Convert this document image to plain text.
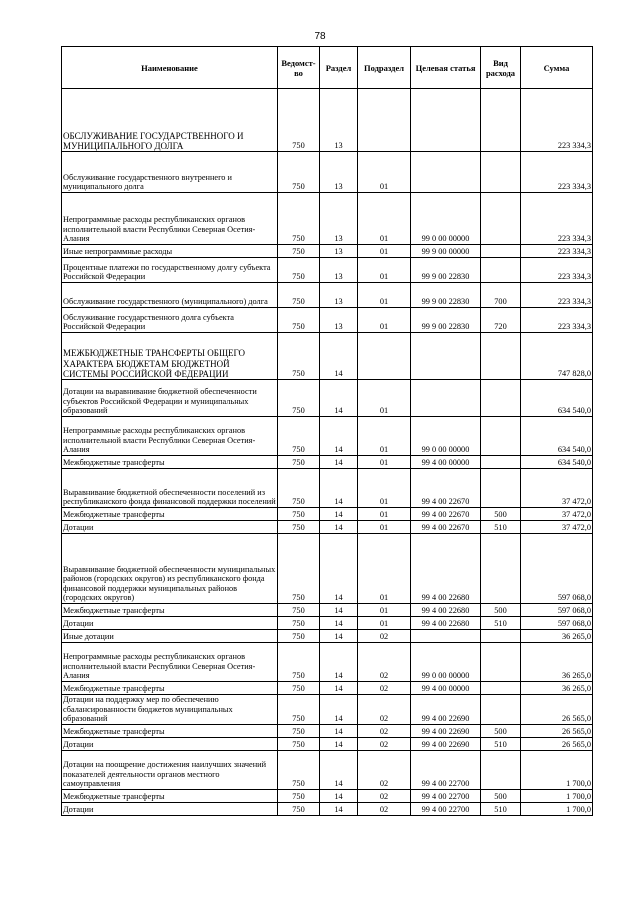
78
Наименование	Ведомст-во	Раздел	Подраздел	Целевая статья	Вид расхода	Сумма
ОБСЛУЖИВАНИЕ ГОСУДАРСТВЕННОГО И МУНИЦИПАЛЬНОГО ДОЛГА	750	13				223 334,3
Обслуживание государственного внутреннего и муниципального долга	750	13	01			223 334,3
Непрограммные расходы республиканских органов исполнительной власти Республики Северная Осетия-Алания	750	13	01	99 0 00 00000		223 334,3
Иные непрограммные расходы	750	13	01	99 9 00 00000		223 334,3
Процентные платежи по государственному долгу субъекта Российской Федерации	750	13	01	99 9 00 22830		223 334,3
Обслуживание государственного (муниципального) долга	750	13	01	99 9 00 22830	700	223 334,3
Обслуживание государственного долга субъекта Российской Федерации	750	13	01	99 9 00 22830	720	223 334,3
МЕЖБЮДЖЕТНЫЕ ТРАНСФЕРТЫ ОБЩЕГО ХАРАКТЕРА БЮДЖЕТАМ БЮДЖЕТНОЙ СИСТЕМЫ РОССИЙСКОЙ ФЕДЕРАЦИИ	750	14				747 828,0
Дотации на выравнивание бюджетной обеспеченности субъектов Российской Федерации и муниципальных образований	750	14	01			634 540,0
Непрограммные расходы республиканских органов исполнительной власти Республики Северная Осетия-Алания	750	14	01	99 0 00 00000		634 540,0
Межбюджетные трансферты	750	14	01	99 4 00 00000		634 540,0
Выравнивание бюджетной обеспеченности поселений из республиканского фонда финансовой поддержки поселений	750	14	01	99 4 00 22670		37 472,0
Межбюджетные трансферты	750	14	01	99 4 00 22670	500	37 472,0
Дотации	750	14	01	99 4 00 22670	510	37 472,0
Выравнивание бюджетной обеспеченности муниципальных районов (городских округов) из республиканского фонда финансовой поддержки муниципальных районов (городских округов)	750	14	01	99 4 00 22680		597 068,0
Межбюджетные трансферты	750	14	01	99 4 00 22680	500	597 068,0
Дотации	750	14	01	99 4 00 22680	510	597 068,0
Иные дотации	750	14	02			36 265,0
Непрограммные расходы республиканских органов исполнительной власти Республики Северная Осетия-Алания	750	14	02	99 0 00 00000		36 265,0
Межбюджетные трансферты	750	14	02	99 4 00 00000		36 265,0
Дотации на поддержку мер по обеспечению сбалансированности бюджетов муниципальных образований	750	14	02	99 4 00 22690		26 565,0
Межбюджетные трансферты	750	14	02	99 4 00 22690	500	26 565,0
Дотации	750	14	02	99 4 00 22690	510	26 565,0
Дотации на поощрение достижения наилучших значений показателей деятельности органов местного самоуправления	750	14	02	99 4 00 22700		1 700,0
Межбюджетные трансферты	750	14	02	99 4 00 22700	500	1 700,0
Дотации	750	14	02	99 4 00 22700	510	1 700,0
